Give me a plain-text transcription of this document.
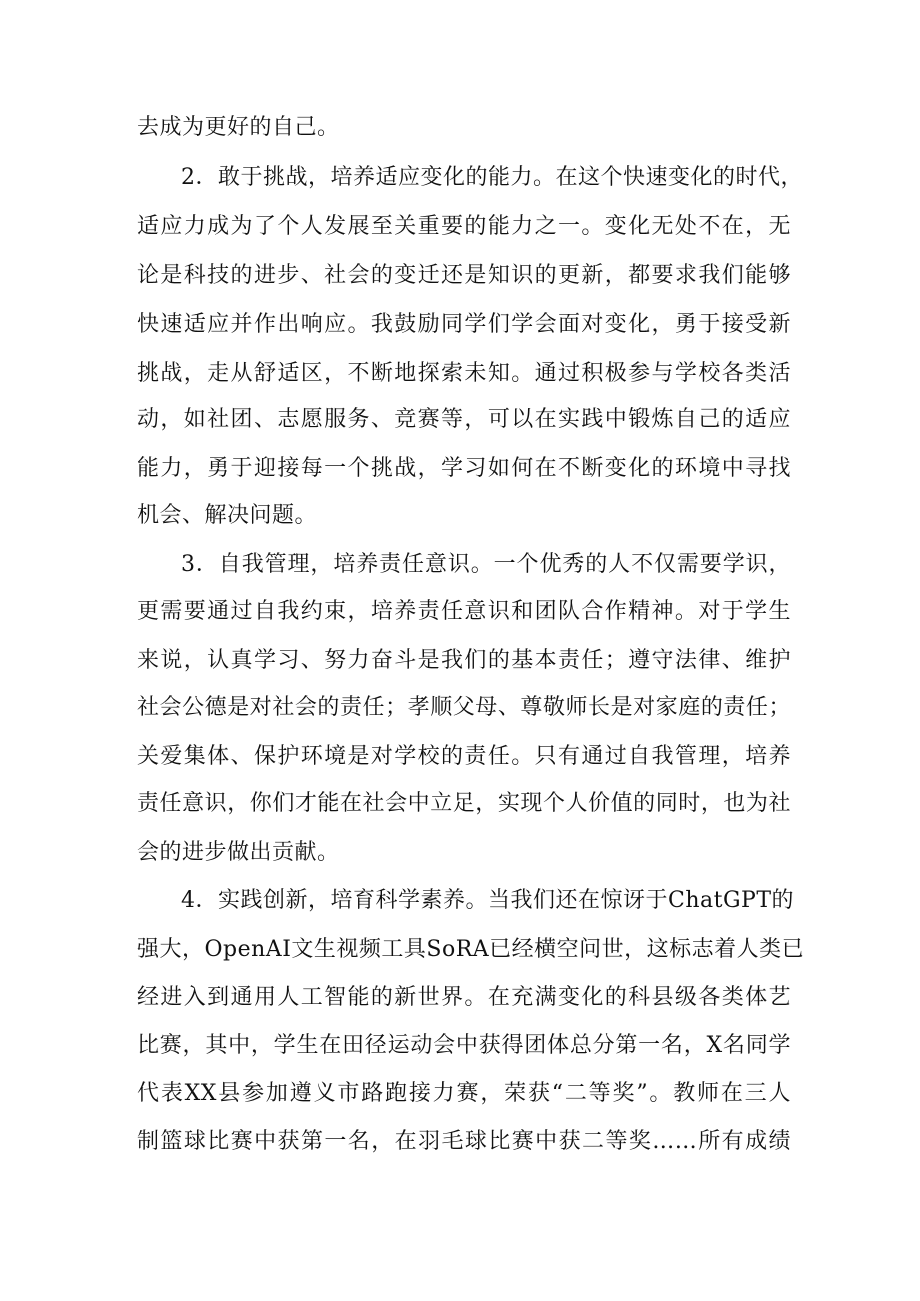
去成为更好的自己。
2．敢于挑战，培养适应变化的能力。在这个快速变化的时代，
适应力成为了个人发展至关重要的能力之一。变化无处不在，无
论是科技的进步、社会的变迁还是知识的更新，都要求我们能够
快速适应并作出响应。我鼓励同学们学会面对变化，勇于接受新
挑战，走从舒适区，不断地探索未知。通过积极参与学校各类活
动，如社团、志愿服务、竞赛等，可以在实践中锻炼自己的适应
能力，勇于迎接每一个挑战，学习如何在不断变化的环境中寻找
机会、解决问题。
3．自我管理，培养责任意识。一个优秀的人不仅需要学识，
更需要通过自我约束，培养责任意识和团队合作精神。对于学生
来说，认真学习、努力奋斗是我们的基本责任；遵守法律、维护
社会公德是对社会的责任；孝顺父母、尊敬师长是对家庭的责任；
关爱集体、保护环境是对学校的责任。只有通过自我管理，培养
责任意识，你们才能在社会中立足，实现个人价值的同时，也为社
会的进步做出贡献。
4．实践创新，培育科学素养。当我们还在惊讶于ChatGPT的
强大，OpenAI文生视频工具SoRA已经横空问世，这标志着人类已
经进入到通用人工智能的新世界。在充满变化的科县级各类体艺
比赛，其中，学生在田径运动会中获得团体总分第一名，X名同学
代表XX县参加遵义市路跑接力赛，荣获“二等奖”。教师在三人
制篮球比赛中获第一名，在羽毛球比赛中获二等奖……所有成绩
